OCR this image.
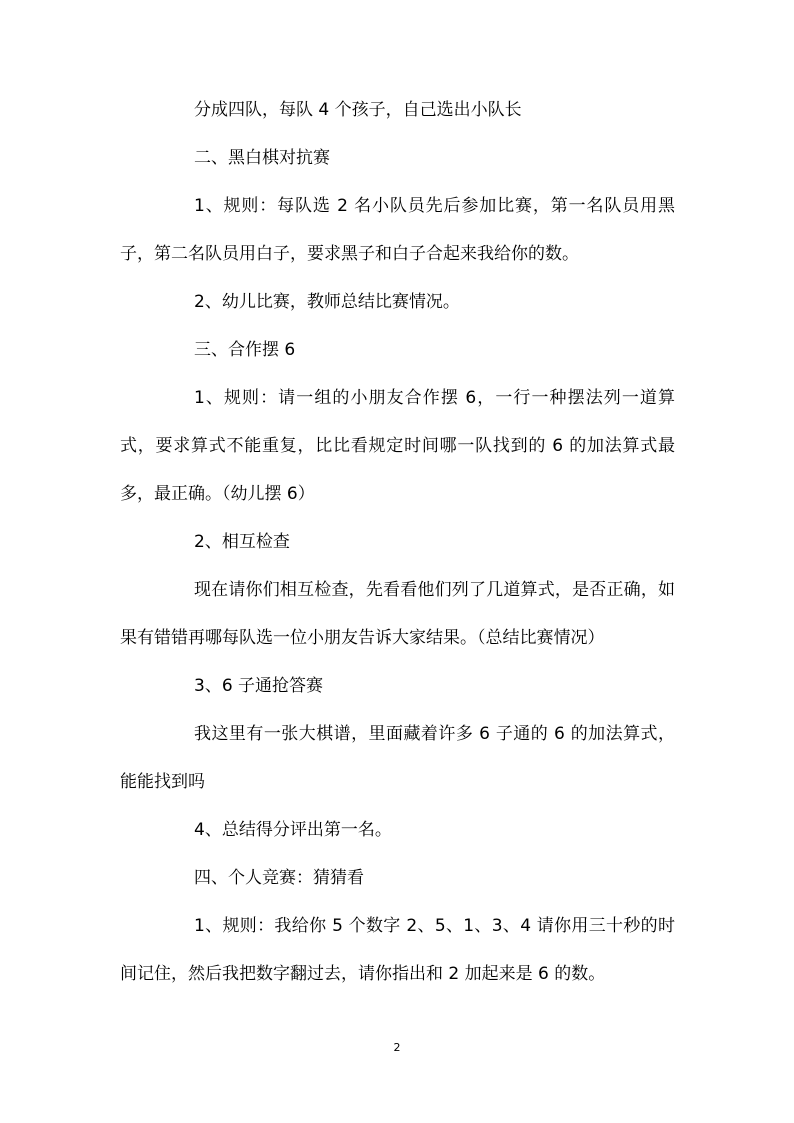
分成四队，每队 4 个孩子，自己选出小队长

二、黑白棋对抗赛

1、规则：每队选 2 名小队员先后参加比赛，第一名队员用黑子，第二名队员用白子，要求黑子和白子合起来我给你的数。

2、幼儿比赛，教师总结比赛情况。

三、合作摆 6

1、规则：请一组的小朋友合作摆 6，一行一种摆法列一道算式，要求算式不能重复，比比看规定时间哪一队找到的 6 的加法算式最多，最正确。（幼儿摆 6）

2、相互检查

现在请你们相互检查，先看看他们列了几道算式，是否正确，如果有错错再哪每队选一位小朋友告诉大家结果。（总结比赛情况）

3、6 子通抢答赛

我这里有一张大棋谱，里面藏着许多 6 子通的 6 的加法算式，能能找到吗

4、总结得分评出第一名。

四、个人竞赛：猜猜看

1、规则：我给你 5 个数字 2、5、1、3、4 请你用三十秒的时间记住，然后我把数字翻过去，请你指出和 2 加起来是 6 的数。

2
